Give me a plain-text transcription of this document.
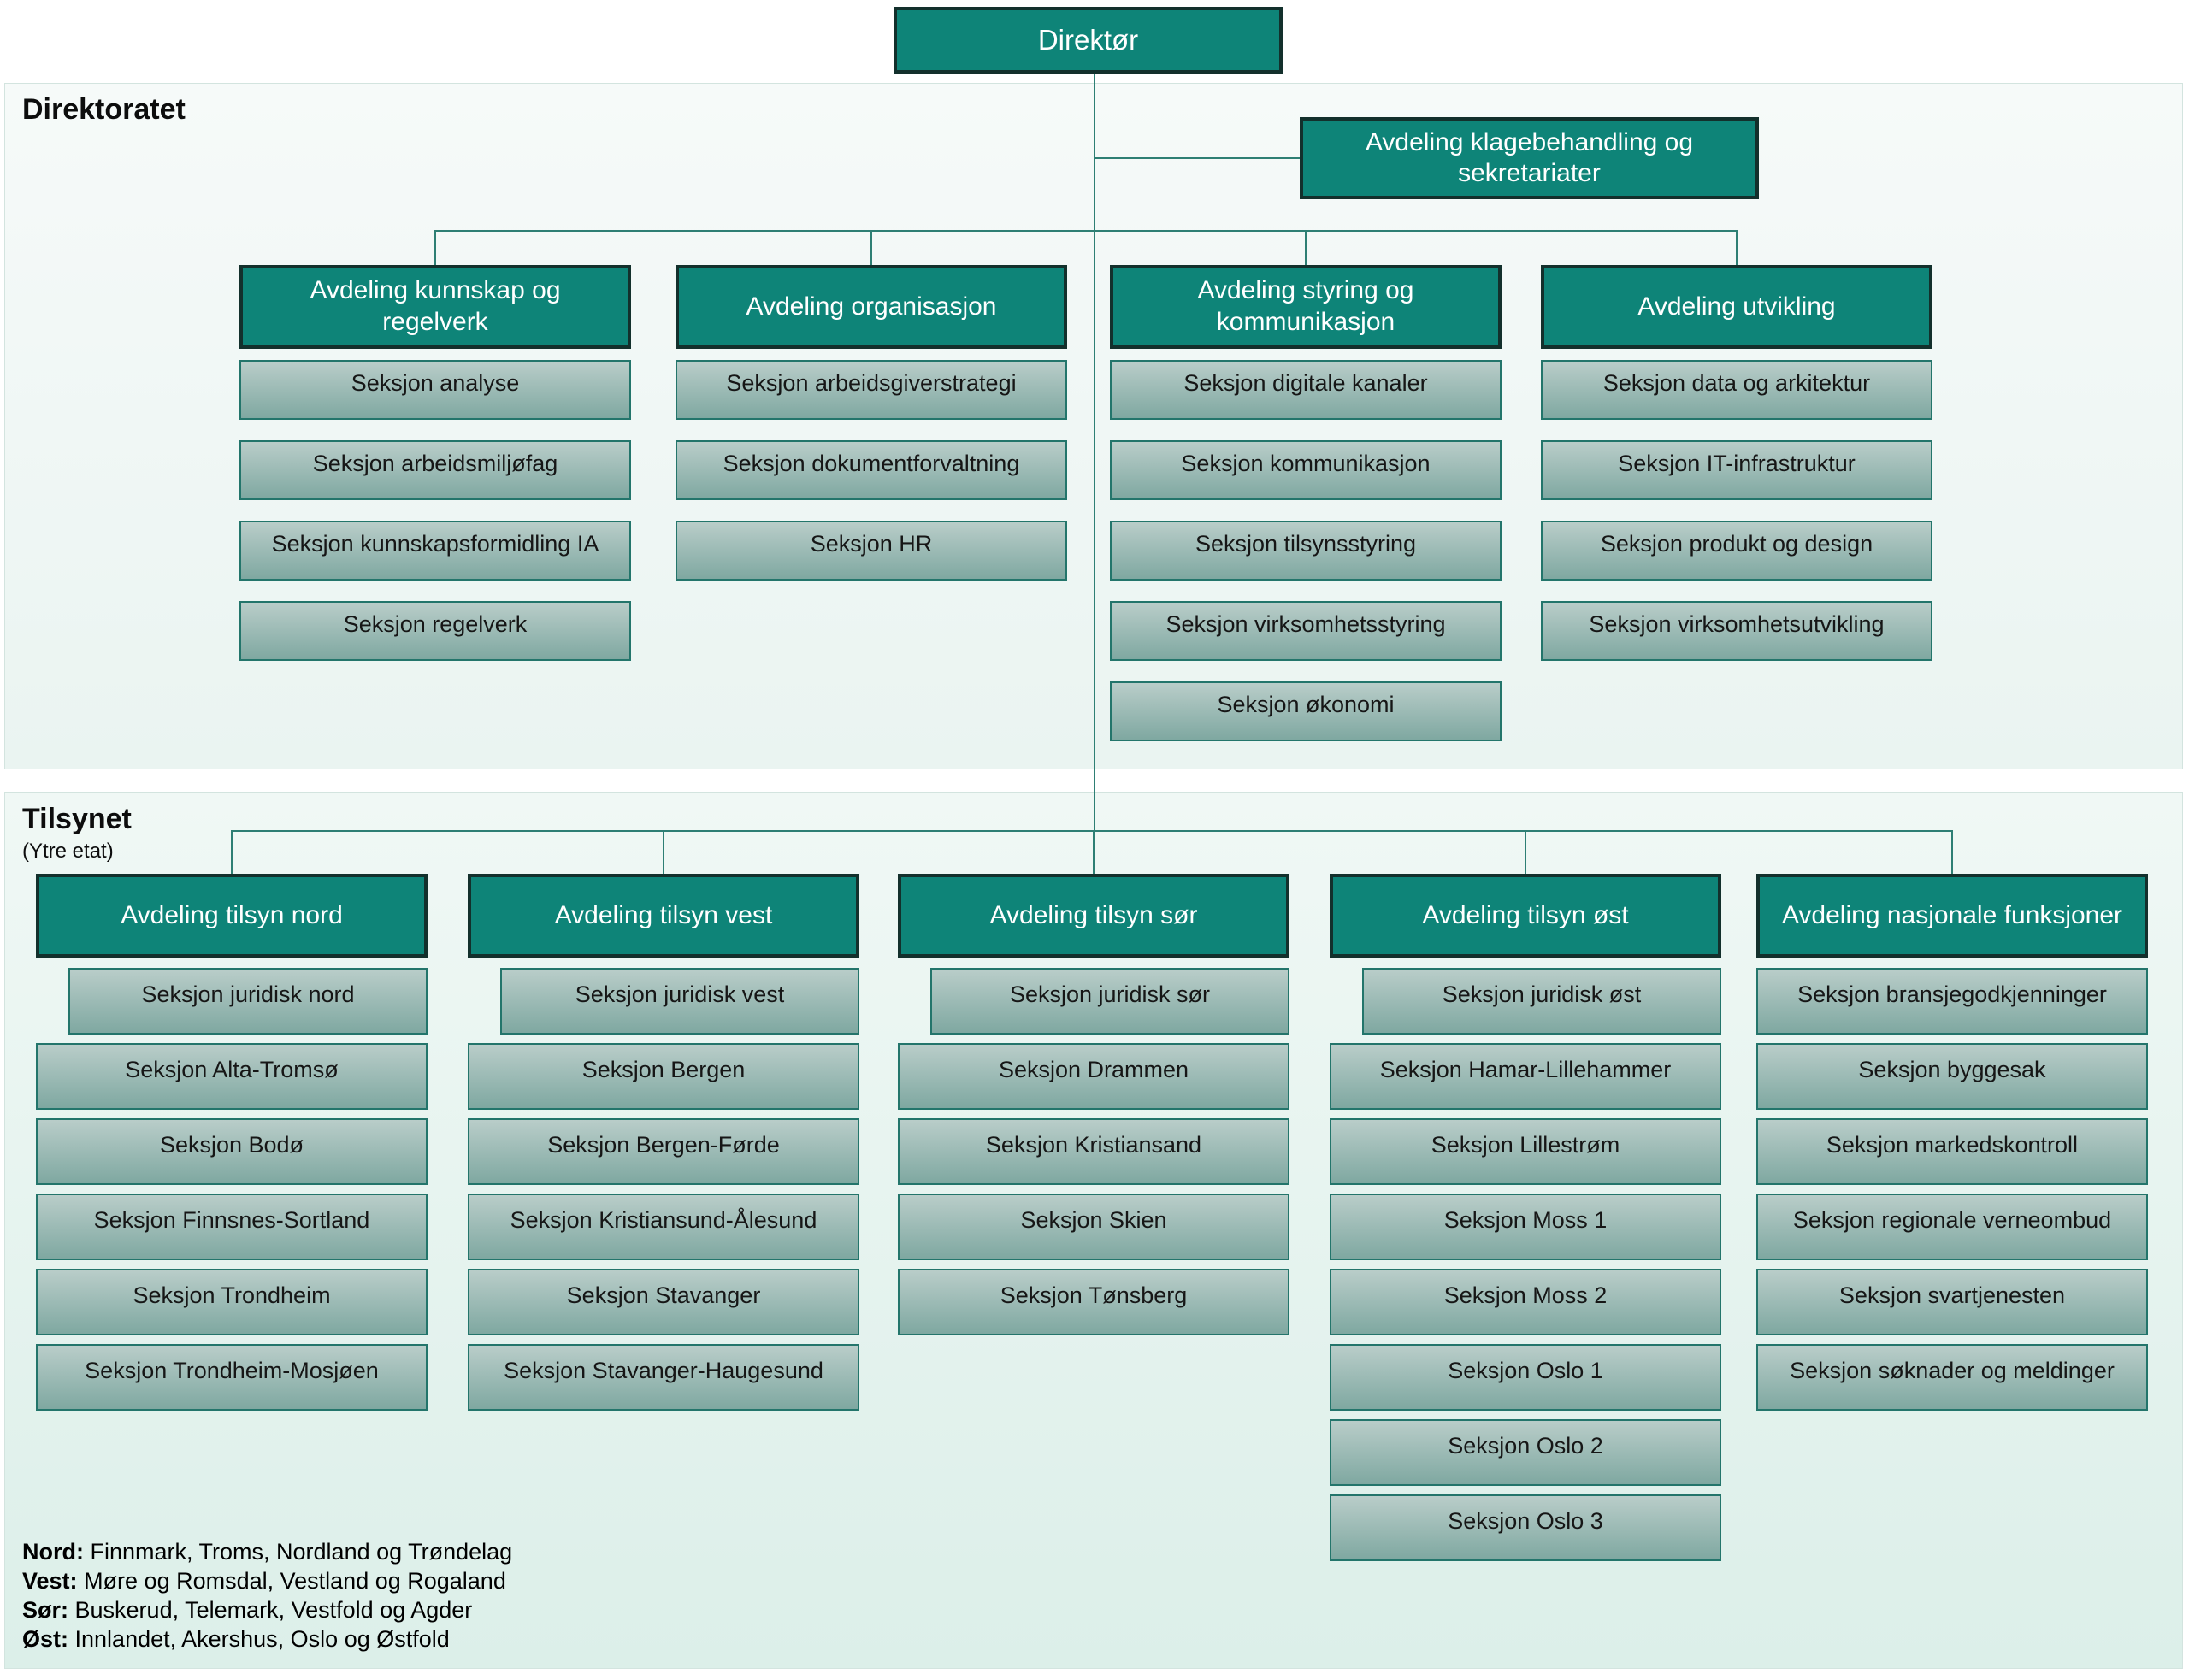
Direktør
Avdeling klagebehandling og sekretariater
Direktoratet
Tilsynet
(Ytre etat)
Avdeling kunnskap og regelverk
Seksjon analyse
Seksjon arbeidsmiljøfag
Seksjon kunnskapsformidling IA
Seksjon regelverk
Avdeling organisasjon
Seksjon arbeidsgiverstrategi
Seksjon dokumentforvaltning
Seksjon HR
Avdeling styring og kommunikasjon
Seksjon digitale kanaler
Seksjon kommunikasjon
Seksjon tilsynsstyring
Seksjon virksomhetsstyring
Seksjon økonomi
Avdeling utvikling
Seksjon data og arkitektur
Seksjon IT-infrastruktur
Seksjon produkt og design
Seksjon virksomhetsutvikling
Avdeling tilsyn nord
Seksjon juridisk nord
Seksjon Alta-Tromsø
Seksjon Bodø
Seksjon Finnsnes-Sortland
Seksjon Trondheim
Seksjon Trondheim-Mosjøen
Avdeling tilsyn vest
Seksjon juridisk vest
Seksjon Bergen
Seksjon Bergen-Førde
Seksjon Kristiansund-Ålesund
Seksjon Stavanger
Seksjon Stavanger-Haugesund
Avdeling tilsyn sør
Seksjon juridisk sør
Seksjon Drammen
Seksjon Kristiansand
Seksjon Skien
Seksjon Tønsberg
Avdeling tilsyn øst
Seksjon juridisk øst
Seksjon Hamar-Lillehammer
Seksjon Lillestrøm
Seksjon Moss 1
Seksjon Moss 2
Seksjon Oslo 1
Seksjon Oslo 2
Seksjon Oslo 3
Avdeling nasjonale funksjoner
Seksjon bransjegodkjenninger
Seksjon byggesak
Seksjon markedskontroll
Seksjon regionale verneombud
Seksjon svartjenesten
Seksjon søknader og meldinger
Nord: Finnmark, Troms, Nordland og Trøndelag
Vest: Møre og Romsdal, Vestland og Rogaland
Sør: Buskerud, Telemark, Vestfold og Agder
Øst: Innlandet, Akershus, Oslo og Østfold
